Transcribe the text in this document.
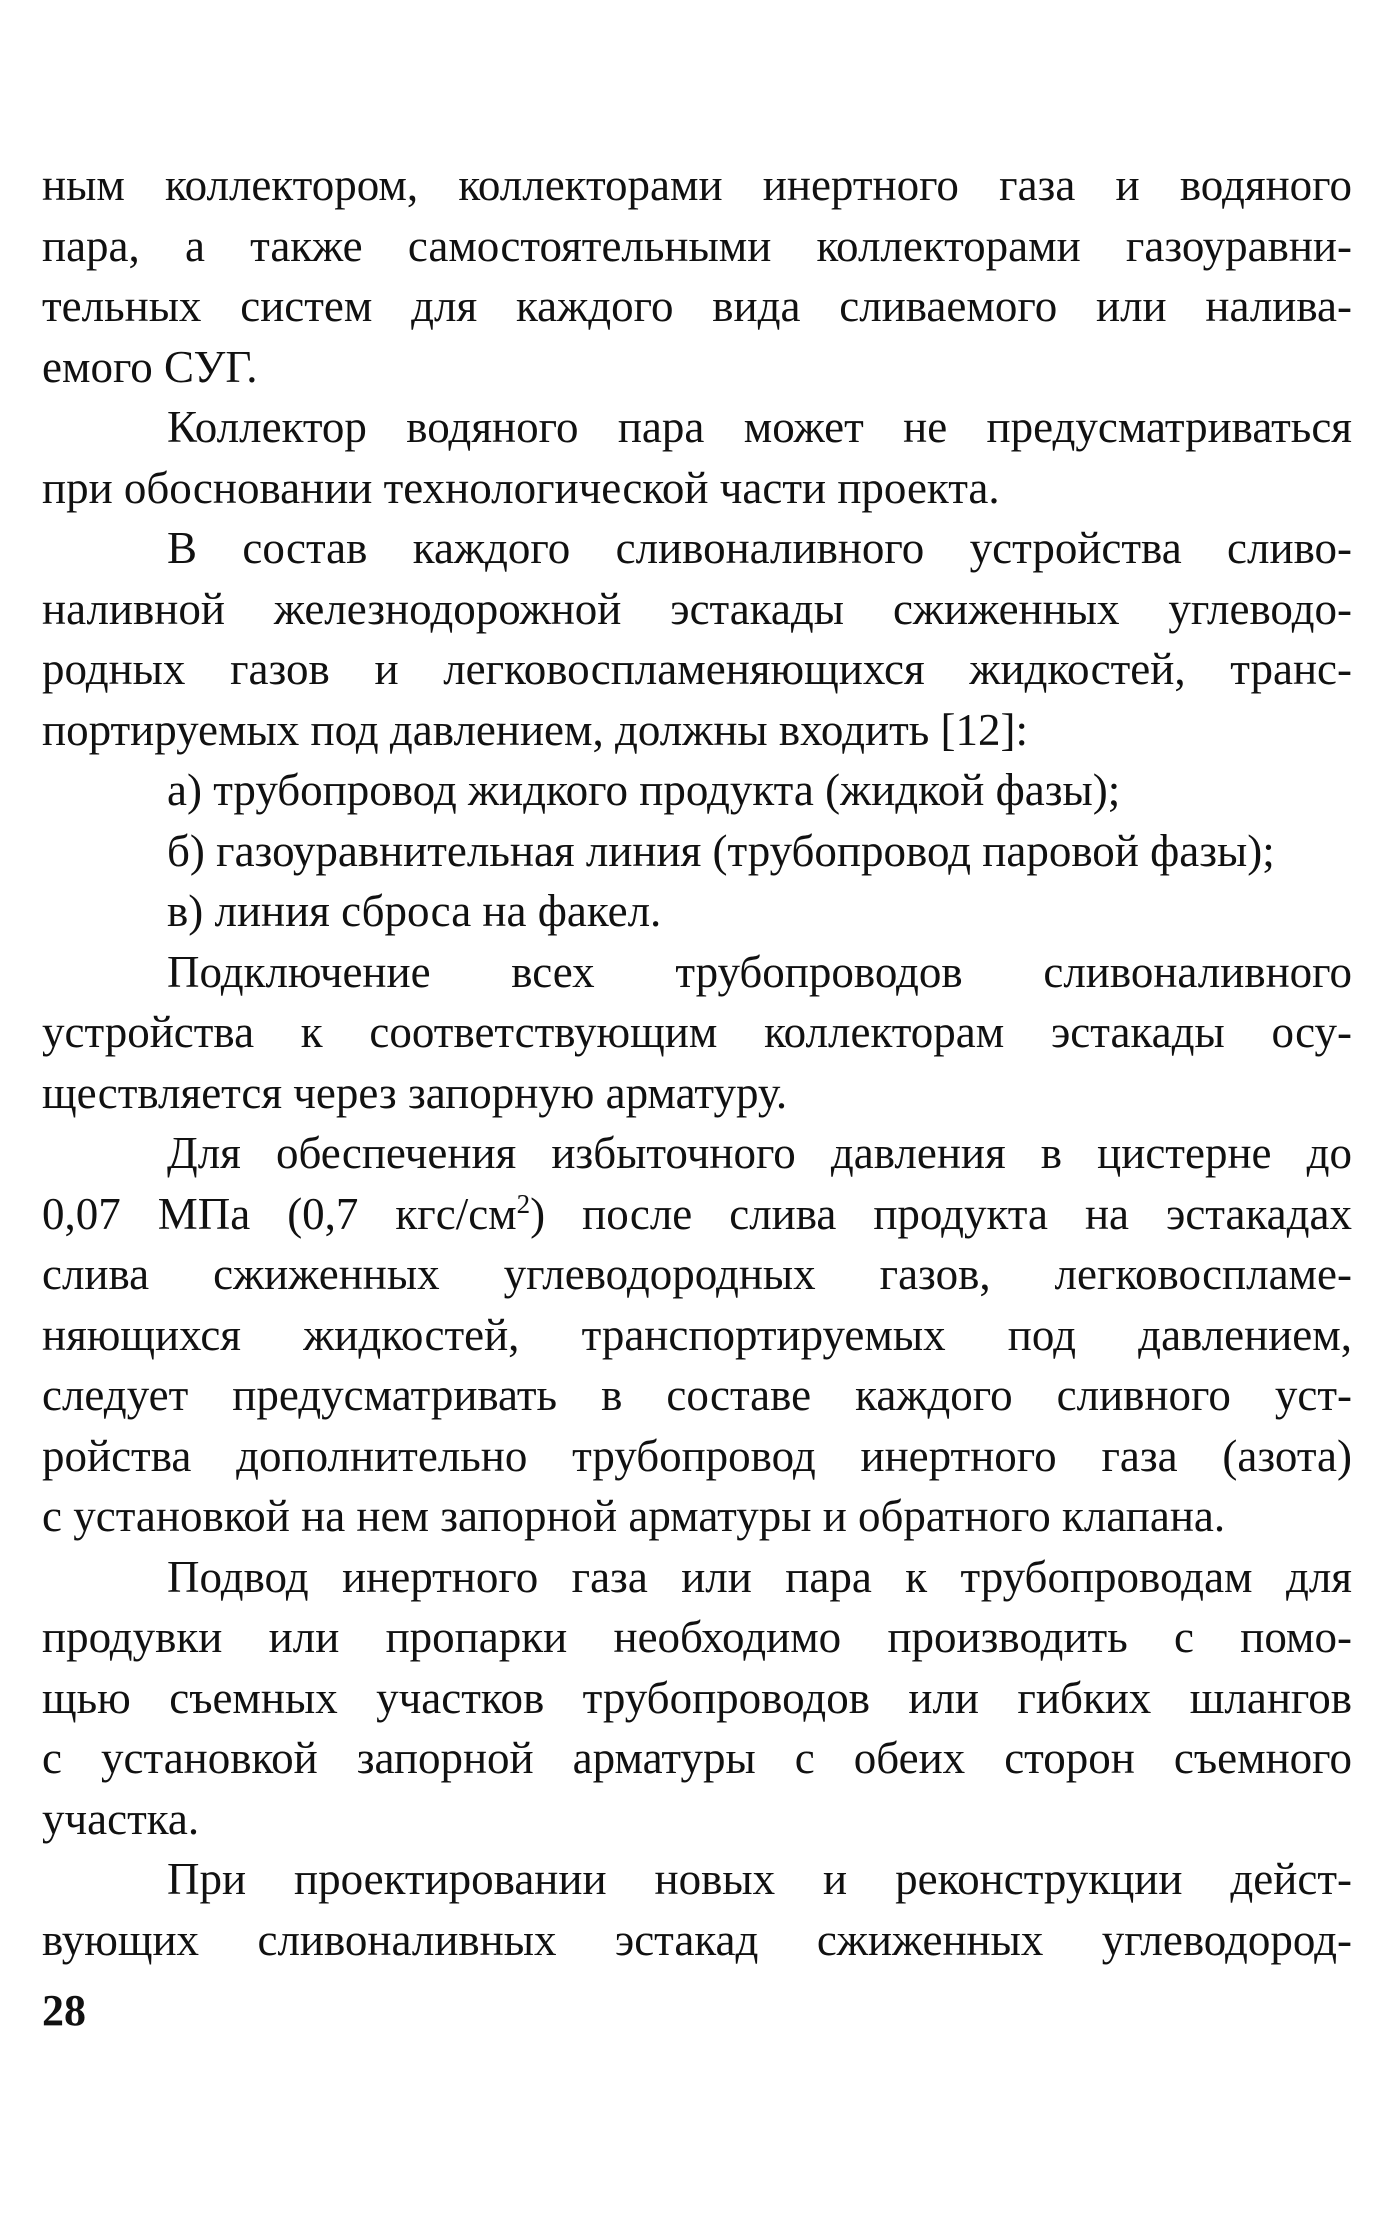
ным коллектором, коллекторами инертного газа и водяного
пара, а также самостоятельными коллекторами газоуравни-
тельных систем для каждого вида сливаемого или налива-
емого СУГ.

Коллектор водяного пара может не предусматриваться
при обосновании технологической части проекта.

В состав каждого сливоналивного устройства сливо-
наливной железнодорожной эстакады сжиженных углеводо-
родных газов и легковоспламеняющихся жидкостей, транс-
портируемых под давлением, должны входить [12]:

а) трубопровод жидкого продукта (жидкой фазы);

б) газоуравнительная линия (трубопровод паровой фазы);

в) линия сброса на факел.

Подключение всех трубопроводов сливоналивного
устройства к соответствующим коллекторам эстакады осу-
ществляется через запорную арматуру.

Для обеспечения избыточного давления в цистерне до
0,07 МПа (0,7 кгс/$см^2$) после слива продукта на эстакадах
слива сжиженных углеводородных газов, легковоспламе-
няющихся жидкостей, транспортируемых под давлением,
следует предусматривать в составе каждого сливного уст-
ройства дополнительно трубопровод инертного газа (азота)
с установкой на нем запорной арматуры и обратного клапана.

Подвод инертного газа или пара к трубопроводам для
продувки или пропарки необходимо производить с помо-
щью съемных участков трубопроводов или гибких шлангов
с установкой запорной арматуры с обеих сторон съемного
участка.

При проектировании новых и реконструкции дейст-
вующих сливоналивных эстакад сжиженных углеводород-

28
